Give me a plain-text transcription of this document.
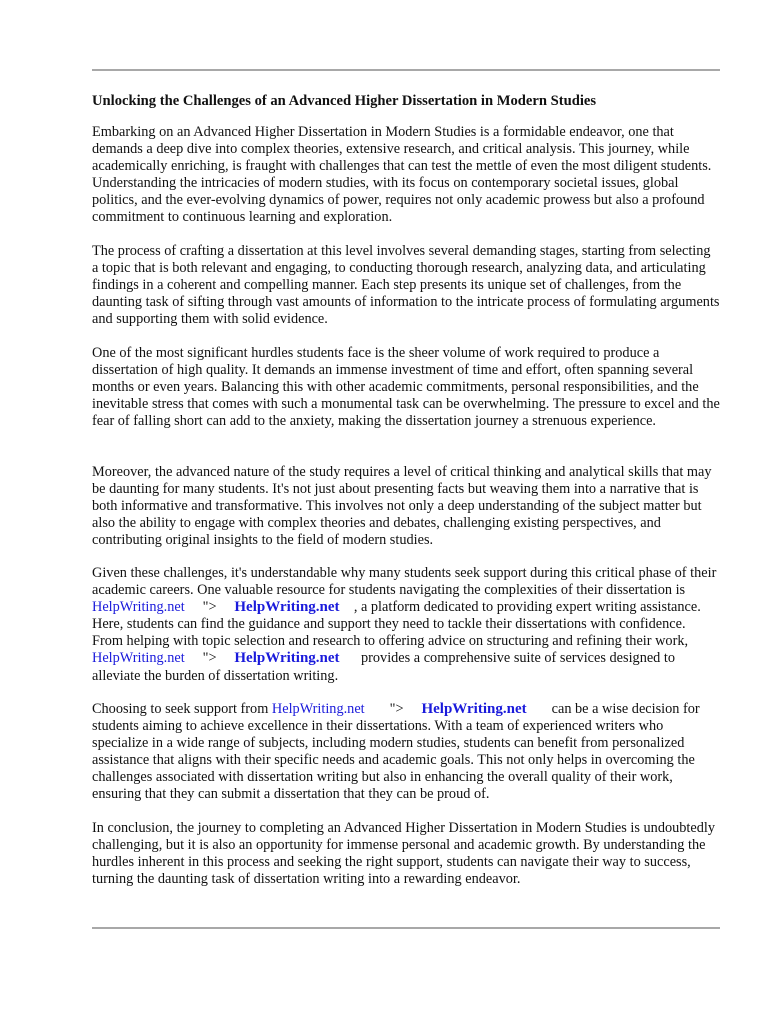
Unlocking the Challenges of an Advanced Higher Dissertation in Modern Studies

Embarking on an Advanced Higher Dissertation in Modern Studies is a formidable endeavor, one that demands a deep dive into complex theories, extensive research, and critical analysis. This journey, while academically enriching, is fraught with challenges that can test the mettle of even the most diligent students. Understanding the intricacies of modern studies, with its focus on contemporary societal issues, global politics, and the ever-evolving dynamics of power, requires not only academic prowess but also a profound commitment to continuous learning and exploration.

The process of crafting a dissertation at this level involves several demanding stages, starting from selecting a topic that is both relevant and engaging, to conducting thorough research, analyzing data, and articulating findings in a coherent and compelling manner. Each step presents its unique set of challenges, from the daunting task of sifting through vast amounts of information to the intricate process of formulating arguments and supporting them with solid evidence.

One of the most significant hurdles students face is the sheer volume of work required to produce a dissertation of high quality. It demands an immense investment of time and effort, often spanning several months or even years. Balancing this with other academic commitments, personal responsibilities, and the inevitable stress that comes with such a monumental task can be overwhelming. The pressure to excel and the fear of falling short can add to the anxiety, making the dissertation journey a strenuous experience.

Moreover, the advanced nature of the study requires a level of critical thinking and analytical skills that may be daunting for many students. It's not just about presenting facts but weaving them into a narrative that is both informative and transformative. This involves not only a deep understanding of the subject matter but also the ability to engage with complex theories and debates, challenging existing perspectives, and contributing original insights to the field of modern studies.

Given these challenges, it's understandable why many students seek support during this critical phase of their academic careers. One valuable resource for students navigating the complexities of their dissertation is HelpWriting.net "> HelpWriting.net , a platform dedicated to providing expert writing assistance. Here, students can find the guidance and support they need to tackle their dissertations with confidence. From helping with topic selection and research to offering advice on structuring and refining their work, HelpWriting.net "> HelpWriting.net provides a comprehensive suite of services designed to alleviate the burden of dissertation writing.

Choosing to seek support from HelpWriting.net "> HelpWriting.net can be a wise decision for students aiming to achieve excellence in their dissertations. With a team of experienced writers who specialize in a wide range of subjects, including modern studies, students can benefit from personalized assistance that aligns with their specific needs and academic goals. This not only helps in overcoming the challenges associated with dissertation writing but also in enhancing the overall quality of their work, ensuring that they can submit a dissertation that they can be proud of.

In conclusion, the journey to completing an Advanced Higher Dissertation in Modern Studies is undoubtedly challenging, but it is also an opportunity for immense personal and academic growth. By understanding the hurdles inherent in this process and seeking the right support, students can navigate their way to success, turning the daunting task of dissertation writing into a rewarding endeavor.
